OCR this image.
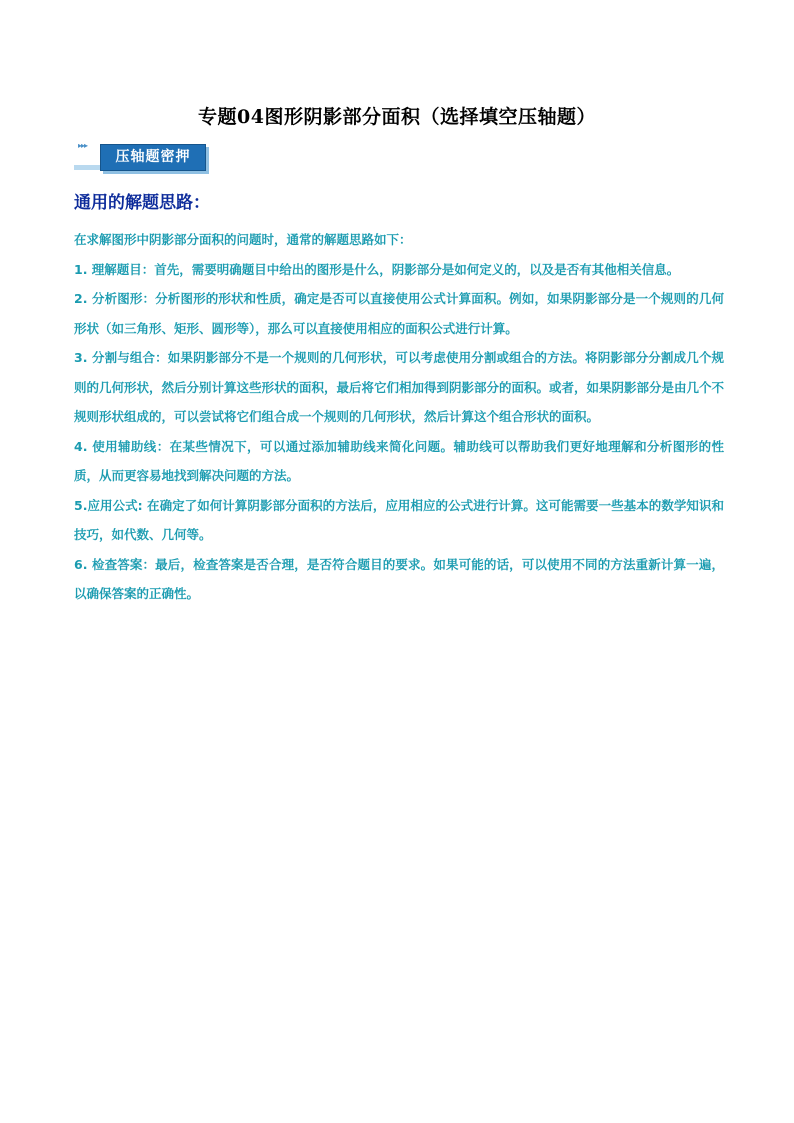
专题04图形阴影部分面积（选择填空压轴题）
▸▸▸
压轴题密押
通用的解题思路：

在求解图形中阴影部分面积的问题时，通常的解题思路如下：

1. 理解题目：首先，需要明确题目中给出的图形是什么，阴影部分是如何定义的，以及是否有其他相关信息。

2. 分析图形：分析图形的形状和性质，确定是否可以直接使用公式计算面积。例如，如果阴影部分是一个规则的几何形状（如三角形、矩形、圆形等），那么可以直接使用相应的面积公式进行计算。

3. 分割与组合：如果阴影部分不是一个规则的几何形状，可以考虑使用分割或组合的方法。将阴影部分分割成几个规则的几何形状，然后分别计算这些形状的面积，最后将它们相加得到阴影部分的面积。或者，如果阴影部分是由几个不规则形状组成的，可以尝试将它们组合成一个规则的几何形状，然后计算这个组合形状的面积。

4. 使用辅助线：在某些情况下，可以通过添加辅助线来简化问题。辅助线可以帮助我们更好地理解和分析图形的性质，从而更容易地找到解决问题的方法。

5.应用公式: 在确定了如何计算阴影部分面积的方法后，应用相应的公式进行计算。这可能需要一些基本的数学知识和技巧，如代数、几何等。

6. 检查答案：最后，检查答案是否合理，是否符合题目的要求。如果可能的话，可以使用不同的方法重新计算一遍，以确保答案的正确性。
